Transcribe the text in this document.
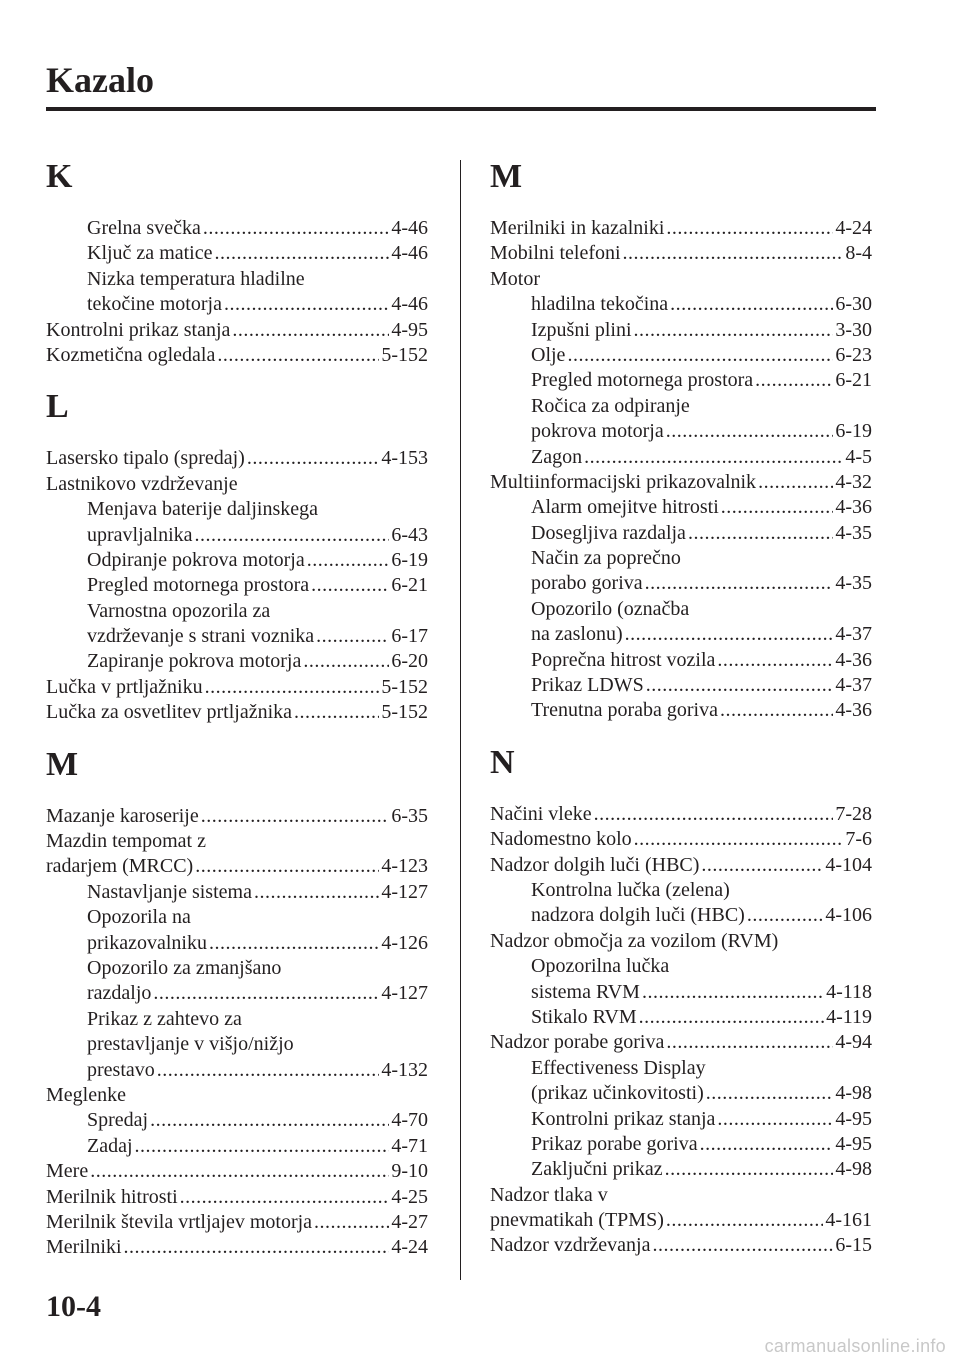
Kazalo
K
Grelna svečka .....	4-46
Ključ za matice .....	4-46
Nizka temperatura hladilne
tekočine motorja .....	4-46
Kontrolni prikaz stanja .....	4-95
Kozmetična ogledala .....	5-152
L
Lasersko tipalo (spredaj) .....	4-153
Lastnikovo vzdrževanje
Menjava baterije daljinskega
upravljalnika .....	6-43
Odpiranje pokrova motorja .....	6-19
Pregled motornega prostora .....	6-21
Varnostna opozorila za
vzdrževanje s strani voznika .....	6-17
Zapiranje pokrova motorja .....	6-20
Lučka v prtljažniku .....	5-152
Lučka za osvetlitev prtljažnika .....	5-152
M
Mazanje karoserije .....	6-35
Mazdin tempomat z
radarjem (MRCC) .....	4-123
Nastavljanje sistema .....	4-127
Opozorila na
prikazovalniku .....	4-126
Opozorilo za zmanjšano
razdaljo .....	4-127
Prikaz z zahtevo za
prestavljanje v višjo/nižjo
prestavo .....	4-132
Meglenke
Spredaj .....	4-70
Zadaj .....	4-71
Mere .....	9-10
Merilnik hitrosti .....	4-25
Merilnik števila vrtljajev motorja .....	4-27
Merilniki .....	4-24
M
Merilniki in kazalniki .....	4-24
Mobilni telefoni .....	8-4
Motor
hladilna tekočina .....	6-30
Izpušni plini .....	3-30
Olje .....	6-23
Pregled motornega prostora .....	6-21
Ročica za odpiranje
pokrova motorja .....	6-19
Zagon .....	4-5
Multiinformacijski prikazovalnik .....	4-32
Alarm omejitve hitrosti .....	4-36
Dosegljiva razdalja .....	4-35
Način za poprečno
porabo goriva .....	4-35
Opozorilo (označba
na zaslonu) .....	4-37
Poprečna hitrost vozila .....	4-36
Prikaz LDWS .....	4-37
Trenutna poraba goriva .....	4-36
N
Načini vleke .....	7-28
Nadomestno kolo .....	7-6
Nadzor dolgih luči (HBC) .....	4-104
Kontrolna lučka (zelena)
nadzora dolgih luči (HBC) .....	4-106
Nadzor območja za vozilom (RVM)
Opozorilna lučka
sistema RVM .....	4-118
Stikalo RVM .....	4-119
Nadzor porabe goriva .....	4-94
Effectiveness Display
(prikaz učinkovitosti) .....	4-98
Kontrolni prikaz stanja .....	4-95
Prikaz porabe goriva .....	4-95
Zaključni prikaz .....	4-98
Nadzor tlaka v
pnevmatikah (TPMS) .....	4-161
Nadzor vzdrževanja .....	6-15
10-4
carmanualsonline.info
